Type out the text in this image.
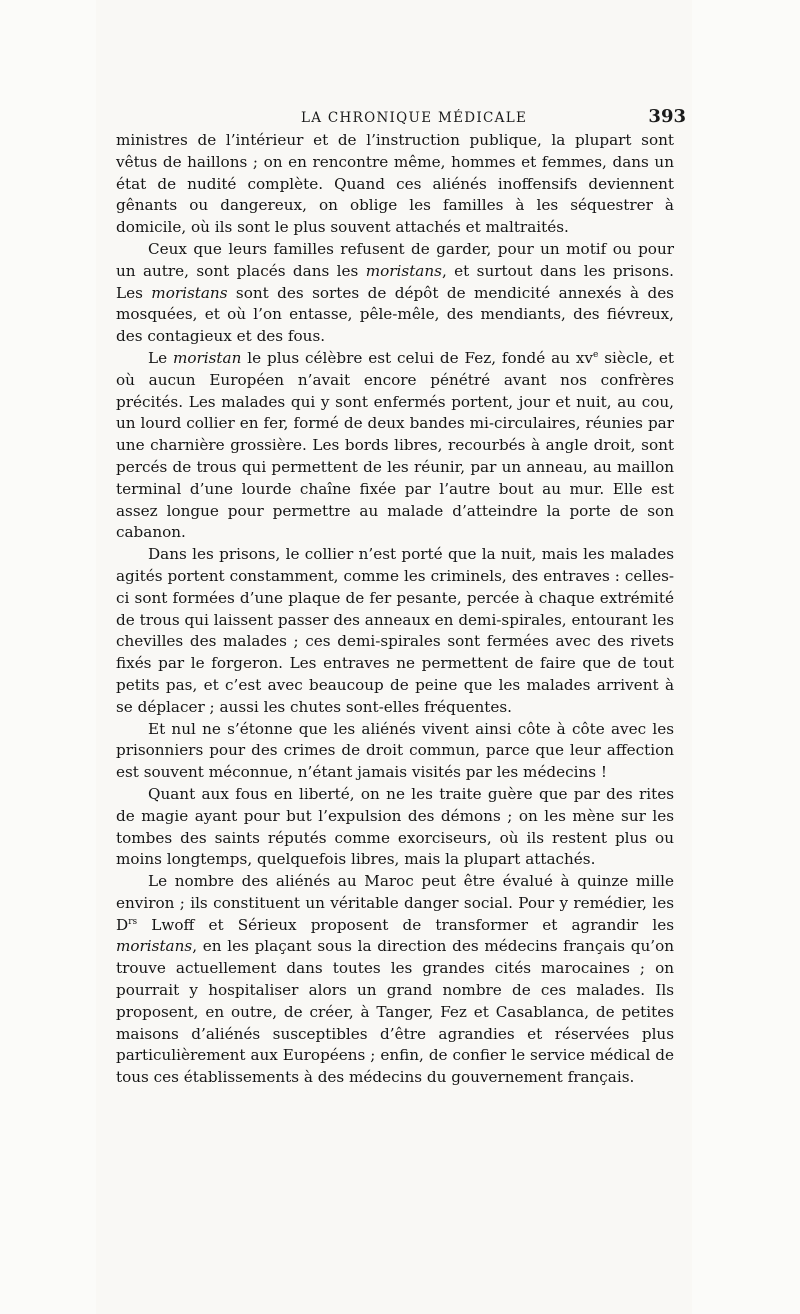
LA CHRONIQUE MÉDICALE	393

ministres de l’intérieur et de l’instruction publique, la plupart sont vêtus de haillons ; on en rencontre même, hommes et femmes, dans un état de nudité complète. Quand ces aliénés inoffensifs deviennent gênants ou dangereux, on oblige les familles à les séquestrer à domicile, où ils sont le plus souvent attachés et maltraités.

Ceux que leurs familles refusent de garder, pour un motif ou pour un autre, sont placés dans les moristans, et surtout dans les prisons. Les moristans sont des sortes de dépôt de mendicité annexés à des mosquées, et où l’on entasse, pêle-mêle, des mendiants, des fiévreux, des contagieux et des fous.

Le moristan le plus célèbre est celui de Fez, fondé au $xv^e$ siècle, et où aucun Européen n’avait encore pénétré avant nos confrères précités. Les malades qui y sont enfermés portent, jour et nuit, au cou, un lourd collier en fer, formé de deux bandes mi-circulaires, réunies par une charnière grossière. Les bords libres, recourbés à angle droit, sont percés de trous qui permettent de les réunir, par un anneau, au maillon terminal d’une lourde chaîne fixée par l’autre bout au mur. Elle est assez longue pour permettre au malade d’atteindre la porte de son cabanon.

Dans les prisons, le collier n’est porté que la nuit, mais les malades agités portent constamment, comme les criminels, des entraves : celles-ci sont formées d’une plaque de fer pesante, percée à chaque extrémité de trous qui laissent passer des anneaux en demi-spirales, entourant les chevilles des malades ; ces demi-spirales sont fermées avec des rivets fixés par le forgeron. Les entraves ne permettent de faire que de tout petits pas, et c’est avec beaucoup de peine que les malades arrivent à se déplacer ; aussi les chutes sont-elles fréquentes.

Et nul ne s’étonne que les aliénés vivent ainsi côte à côte avec les prisonniers pour des crimes de droit commun, parce que leur affection est souvent méconnue, n’étant jamais visités par les médecins !

Quant aux fous en liberté, on ne les traite guère que par des rites de magie ayant pour but l’expulsion des démons ; on les mène sur les tombes des saints réputés comme exorciseurs, où ils restent plus ou moins longtemps, quelquefois libres, mais la plupart attachés.

Le nombre des aliénés au Maroc peut être évalué à quinze mille environ ; ils constituent un véritable danger social. Pour y remédier, les $D^{rs}$ Lwoff et Sérieux proposent de transformer et agrandir les moristans, en les plaçant sous la direction des médecins français qu’on trouve actuellement dans toutes les grandes cités marocaines ; on pourrait y hospitaliser alors un grand nombre de ces malades. Ils proposent, en outre, de créer, à Tanger, Fez et Casablanca, de petites maisons d’aliénés susceptibles d’être agrandies et réservées plus particulièrement aux Européens ; enfin, de confier le service médical de tous ces établissements à des médecins du gouvernement français.
